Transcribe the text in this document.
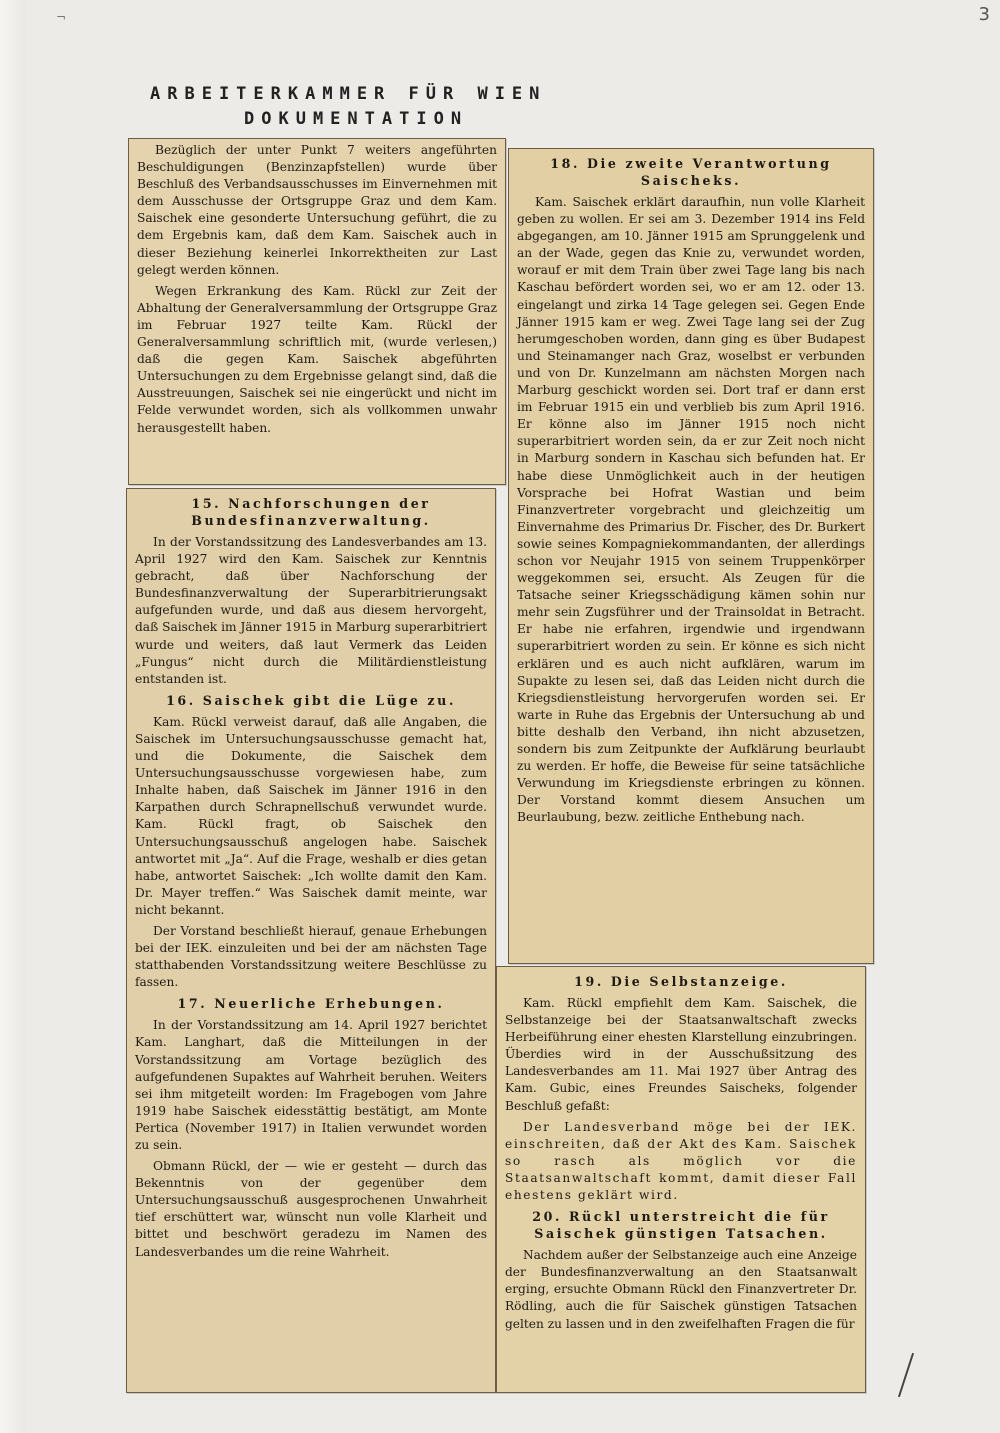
¬	3
ARBEITERKAMMER FÜR WIEN
DOKUMENTATION

Bezüglich der unter Punkt 7 weiters angeführten Beschuldigungen (Benzinzapfstellen) wurde über Beschluß des Verbandsausschusses im Einvernehmen mit dem Ausschusse der Ortsgruppe Graz und dem Kam. Saischek eine gesonderte Untersuchung geführt, die zu dem Ergebnis kam, daß dem Kam. Saischek auch in dieser Beziehung keinerlei Inkorrektheiten zur Last gelegt werden können.

Wegen Erkrankung des Kam. Rückl zur Zeit der Abhaltung der Generalversammlung der Ortsgruppe Graz im Februar 1927 teilte Kam. Rückl der Generalversammlung schriftlich mit, (wurde verlesen,) daß die gegen Kam. Saischek abgeführten Untersuchungen zu dem Ergebnisse gelangt sind, daß die Ausstreuungen, Saischek sei nie eingerückt und nicht im Felde verwundet worden, sich als vollkommen unwahr herausgestellt haben.

15. Nachforschungen der Bundesfinanzverwaltung.

In der Vorstandssitzung des Landesverbandes am 13. April 1927 wird den Kam. Saischek zur Kenntnis gebracht, daß über Nachforschung der Bundesfinanzverwaltung der Superarbitrierungsakt aufgefunden wurde, und daß aus diesem hervorgeht, daß Saischek im Jänner 1915 in Marburg superarbitriert wurde und weiters, daß laut Vermerk das Leiden „Fungus“ nicht durch die Militärdienstleistung entstanden ist.

16. Saischek gibt die Lüge zu.

Kam. Rückl verweist darauf, daß alle Angaben, die Saischek im Untersuchungsausschusse gemacht hat, und die Dokumente, die Saischek dem Untersuchungsausschusse vorgewiesen habe, zum Inhalte haben, daß Saischek im Jänner 1916 in den Karpathen durch Schrapnellschuß verwundet wurde. Kam. Rückl fragt, ob Saischek den Untersuchungsausschuß angelogen habe. Saischek antwortet mit „Ja“. Auf die Frage, weshalb er dies getan habe, antwortet Saischek: „Ich wollte damit den Kam. Dr. Mayer treffen.“ Was Saischek damit meinte, war nicht bekannt.

Der Vorstand beschließt hierauf, genaue Erhebungen bei der IEK. einzuleiten und bei der am nächsten Tage statthabenden Vorstandssitzung weitere Beschlüsse zu fassen.

17. Neuerliche Erhebungen.

In der Vorstandssitzung am 14. April 1927 berichtet Kam. Langhart, daß die Mitteilungen in der Vorstandssitzung am Vortage bezüglich des aufgefundenen Supaktes auf Wahrheit beruhen. Weiters sei ihm mitgeteilt worden: Im Fragebogen vom Jahre 1919 habe Saischek eidesstättig bestätigt, am Monte Pertica (November 1917) in Italien verwundet worden zu sein.

Obmann Rückl, der — wie er gesteht — durch das Bekenntnis von der gegenüber dem Untersuchungsausschuß ausgesprochenen Unwahrheit tief erschüttert war, wünscht nun volle Klarheit und bittet und beschwört geradezu im Namen des Landesverbandes um die reine Wahrheit.

18. Die zweite Verantwortung Saischeks.

Kam. Saischek erklärt daraufhin, nun volle Klarheit geben zu wollen. Er sei am 3. Dezember 1914 ins Feld abgegangen, am 10. Jänner 1915 am Sprunggelenk und an der Wade, gegen das Knie zu, verwundet worden, worauf er mit dem Train über zwei Tage lang bis nach Kaschau befördert worden sei, wo er am 12. oder 13. eingelangt und zirka 14 Tage gelegen sei. Gegen Ende Jänner 1915 kam er weg. Zwei Tage lang sei der Zug herumgeschoben worden, dann ging es über Budapest und Steinamanger nach Graz, woselbst er verbunden und von Dr. Kunzelmann am nächsten Morgen nach Marburg geschickt worden sei. Dort traf er dann erst im Februar 1915 ein und verblieb bis zum April 1916. Er könne also im Jänner 1915 noch nicht superarbitriert worden sein, da er zur Zeit noch nicht in Marburg sondern in Kaschau sich befunden hat. Er habe diese Unmöglichkeit auch in der heutigen Vorsprache bei Hofrat Wastian und beim Finanzvertreter vorgebracht und gleichzeitig um Einvernahme des Primarius Dr. Fischer, des Dr. Burkert sowie seines Kompagniekommandanten, der allerdings schon vor Neujahr 1915 von seinem Truppenkörper weggekommen sei, ersucht. Als Zeugen für die Tatsache seiner Kriegsschädigung kämen sohin nur mehr sein Zugsführer und der Trainsoldat in Betracht. Er habe nie erfahren, irgendwie und irgendwann superarbitriert worden zu sein. Er könne es sich nicht erklären und es auch nicht aufklären, warum im Supakte zu lesen sei, daß das Leiden nicht durch die Kriegsdienstleistung hervorgerufen worden sei. Er warte in Ruhe das Ergebnis der Untersuchung ab und bitte deshalb den Verband, ihn nicht abzusetzen, sondern bis zum Zeitpunkte der Aufklärung beurlaubt zu werden. Er hoffe, die Beweise für seine tatsächliche Verwundung im Kriegsdienste erbringen zu können. Der Vorstand kommt diesem Ansuchen um Beurlaubung, bezw. zeitliche Enthebung nach.

19. Die Selbstanzeige.

Kam. Rückl empfiehlt dem Kam. Saischek, die Selbstanzeige bei der Staatsanwaltschaft zwecks Herbeiführung einer ehesten Klarstellung einzubringen. Überdies wird in der Ausschußsitzung des Landesverbandes am 11. Mai 1927 über Antrag des Kam. Gubic, eines Freundes Saischeks, folgender Beschluß gefaßt:

Der Landesverband möge bei der IEK. einschreiten, daß der Akt des Kam. Saischek so rasch als möglich vor die Staatsanwaltschaft kommt, damit dieser Fall ehestens geklärt wird.

20. Rückl unterstreicht die für Saischek günstigen Tatsachen.

Nachdem außer der Selbstanzeige auch eine Anzeige der Bundesfinanzverwaltung an den Staatsanwalt erging, ersuchte Obmann Rückl den Finanzvertreter Dr. Rödling, auch die für Saischek günstigen Tatsachen gelten zu lassen und in den zweifelhaften Fragen die für
